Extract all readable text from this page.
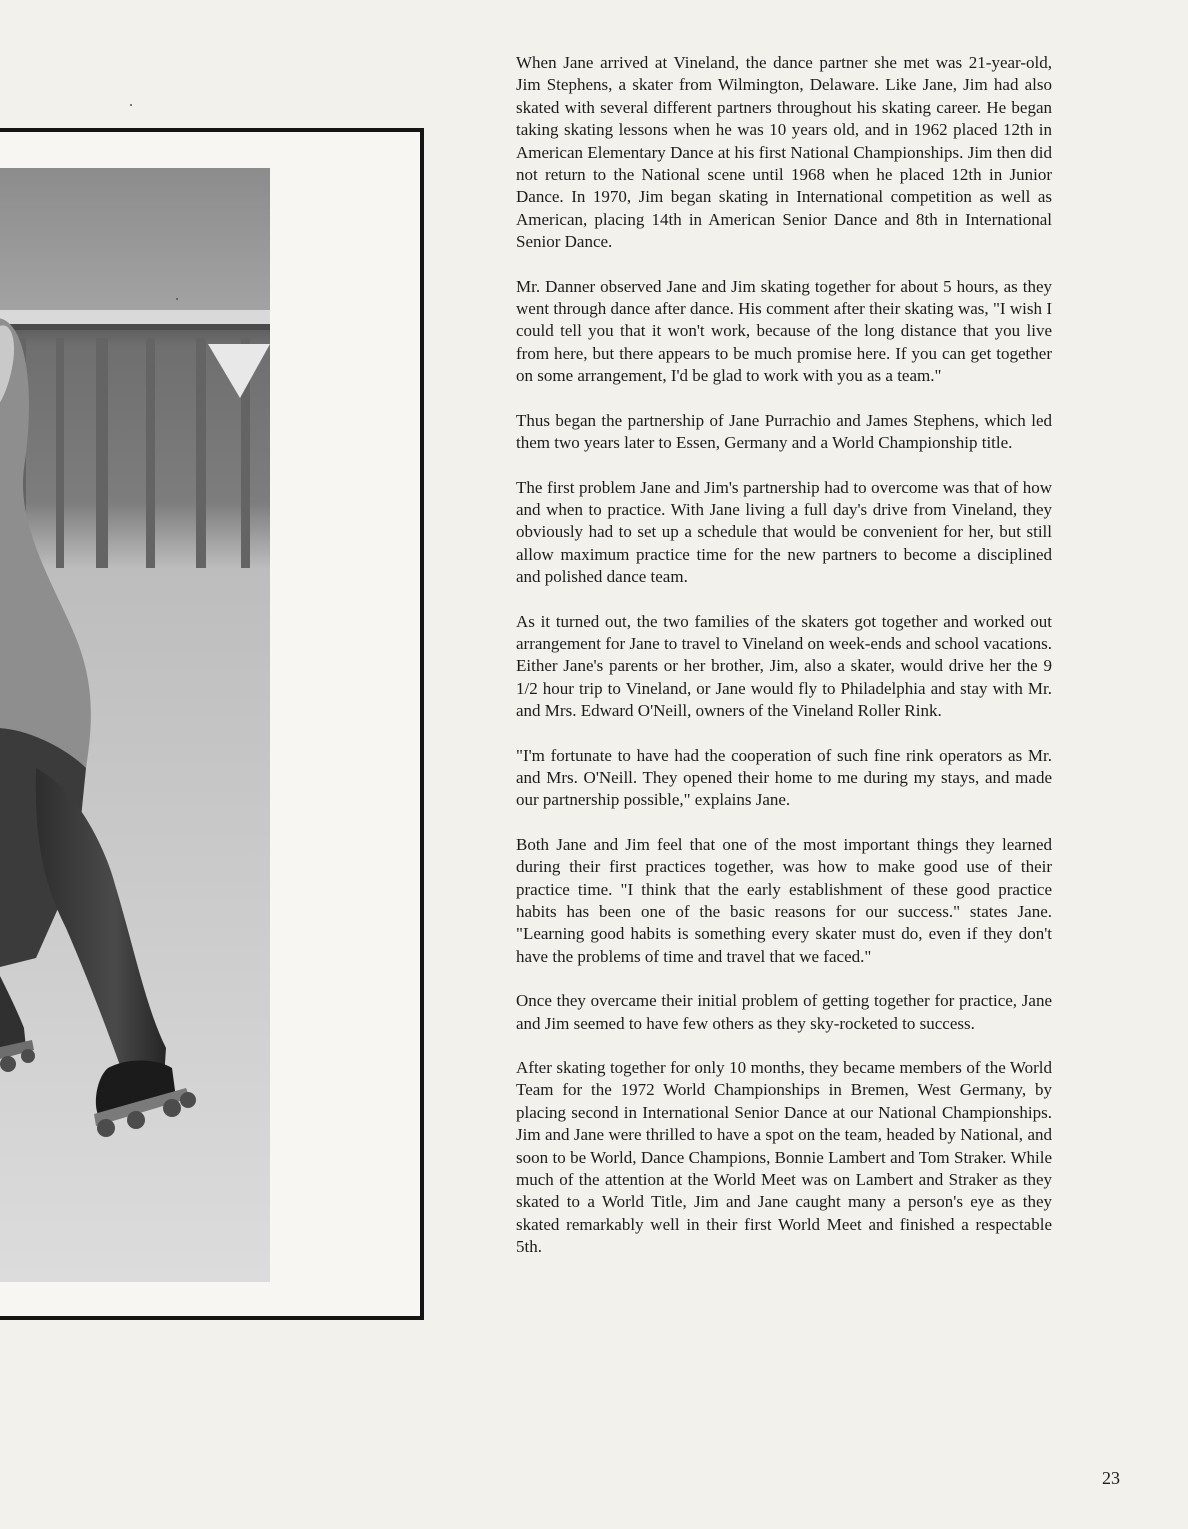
When Jane arrived at Vineland, the dance partner she met was 21-year-old, Jim Stephens, a skater from Wilmington, Delaware. Like Jane, Jim had also skated with several different partners throughout his skating career. He began taking skating lessons when he was 10 years old, and in 1962 placed 12th in American Elementary Dance at his first National Championships. Jim then did not return to the National scene until 1968 when he placed 12th in Junior Dance. In 1970, Jim began skating in International competition as well as American, placing 14th in American Senior Dance and 8th in International Senior Dance.

Mr. Danner observed Jane and Jim skating together for about 5 hours, as they went through dance after dance. His comment after their skating was, "I wish I could tell you that it won't work, because of the long distance that you live from here, but there appears to be much promise here. If you can get together on some arrangement, I'd be glad to work with you as a team."

Thus began the partnership of Jane Purrachio and James Stephens, which led them two years later to Essen, Germany and a World Championship title.

The first problem Jane and Jim's partnership had to overcome was that of how and when to practice. With Jane living a full day's drive from Vineland, they obviously had to set up a schedule that would be convenient for her, but still allow maximum practice time for the new partners to become a disciplined and polished dance team.

As it turned out, the two families of the skaters got together and worked out arrangement for Jane to travel to Vineland on week-ends and school vacations. Either Jane's parents or her brother, Jim, also a skater, would drive her the 9 1/2 hour trip to Vineland, or Jane would fly to Philadelphia and stay with Mr. and Mrs. Edward O'Neill, owners of the Vineland Roller Rink.

"I'm fortunate to have had the cooperation of such fine rink operators as Mr. and Mrs. O'Neill. They opened their home to me during my stays, and made our partnership possible," explains Jane.

Both Jane and Jim feel that one of the most important things they learned during their first practices together, was how to make good use of their practice time. "I think that the early establishment of these good practice habits has been one of the basic reasons for our success." states Jane. "Learning good habits is something every skater must do, even if they don't have the problems of time and travel that we faced."

Once they overcame their initial problem of getting together for practice, Jane and Jim seemed to have few others as they sky-rocketed to success.

After skating together for only 10 months, they became members of the World Team for the 1972 World Championships in Bremen, West Germany, by placing second in International Senior Dance at our National Championships. Jim and Jane were thrilled to have a spot on the team, headed by National, and soon to be World, Dance Champions, Bonnie Lambert and Tom Straker. While much of the attention at the World Meet was on Lambert and Straker as they skated to a World Title, Jim and Jane caught many a person's eye as they skated remarkably well in their first World Meet and finished a respectable 5th.

23
